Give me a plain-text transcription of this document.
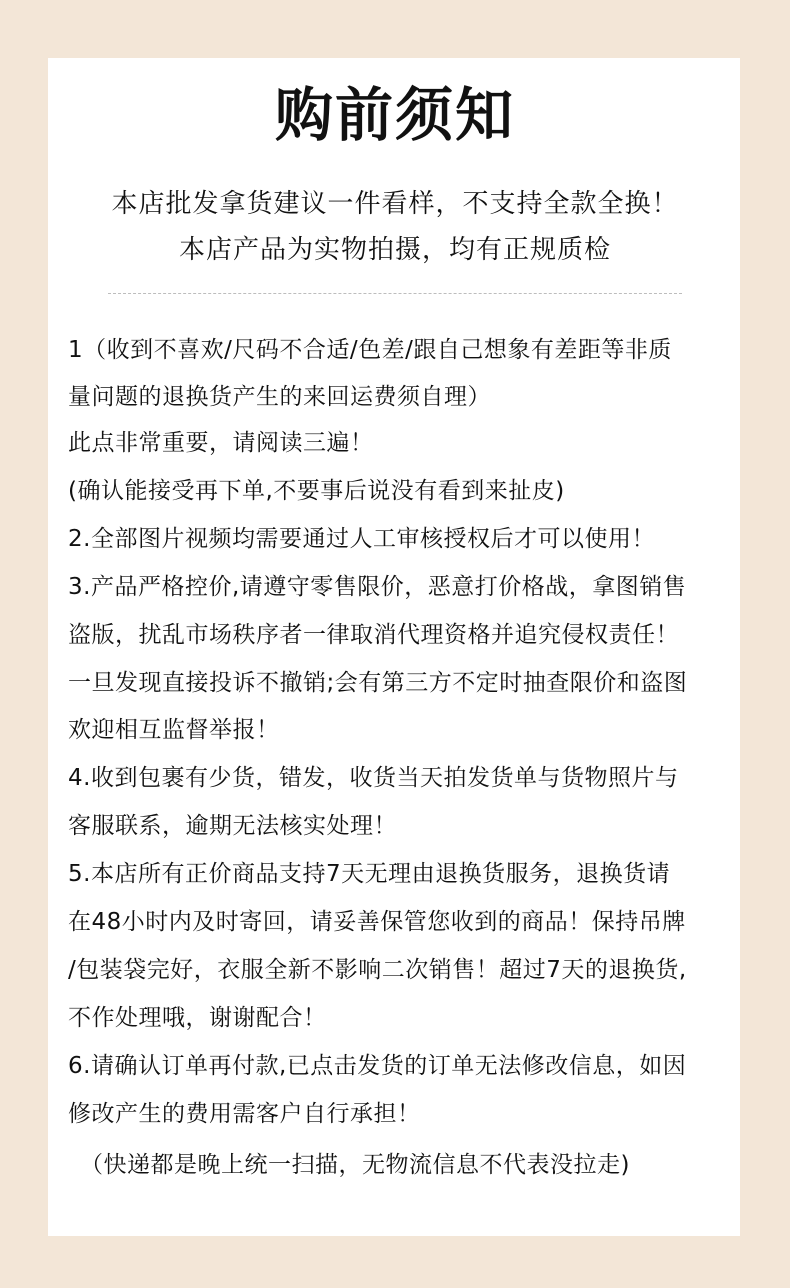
购前须知

本店批发拿货建议一件看样，不支持全款全换！

本店产品为实物拍摄，均有正规质检

1（收到不喜欢/尺码不合适/色差/跟自己想象有差距等非质

量问题的退换货产生的来回运费须自理）

此点非常重要，请阅读三遍！

(确认能接受再下单,不要事后说没有看到来扯皮)

2.全部图片视频均需要通过人工审核授权后才可以使用！

3.产品严格控价,请遵守零售限价，恶意打价格战，拿图销售

盗版，扰乱市场秩序者一律取消代理资格并追究侵权责任！

一旦发现直接投诉不撤销;会有第三方不定时抽查限价和盗图

欢迎相互监督举报！

4.收到包裹有少货，错发，收货当天拍发货单与货物照片与

客服联系，逾期无法核实处理！

5.本店所有正价商品支持7天无理由退换货服务，退换货请

在48小时内及时寄回，请妥善保管您收到的商品！保持吊牌

/包装袋完好，衣服全新不影响二次销售！超过7天的退换货,

不作处理哦，谢谢配合！

6.请确认订单再付款,已点击发货的订单无法修改信息，如因

修改产生的费用需客户自行承担！

（快递都是晚上统一扫描，无物流信息不代表没拉走)
